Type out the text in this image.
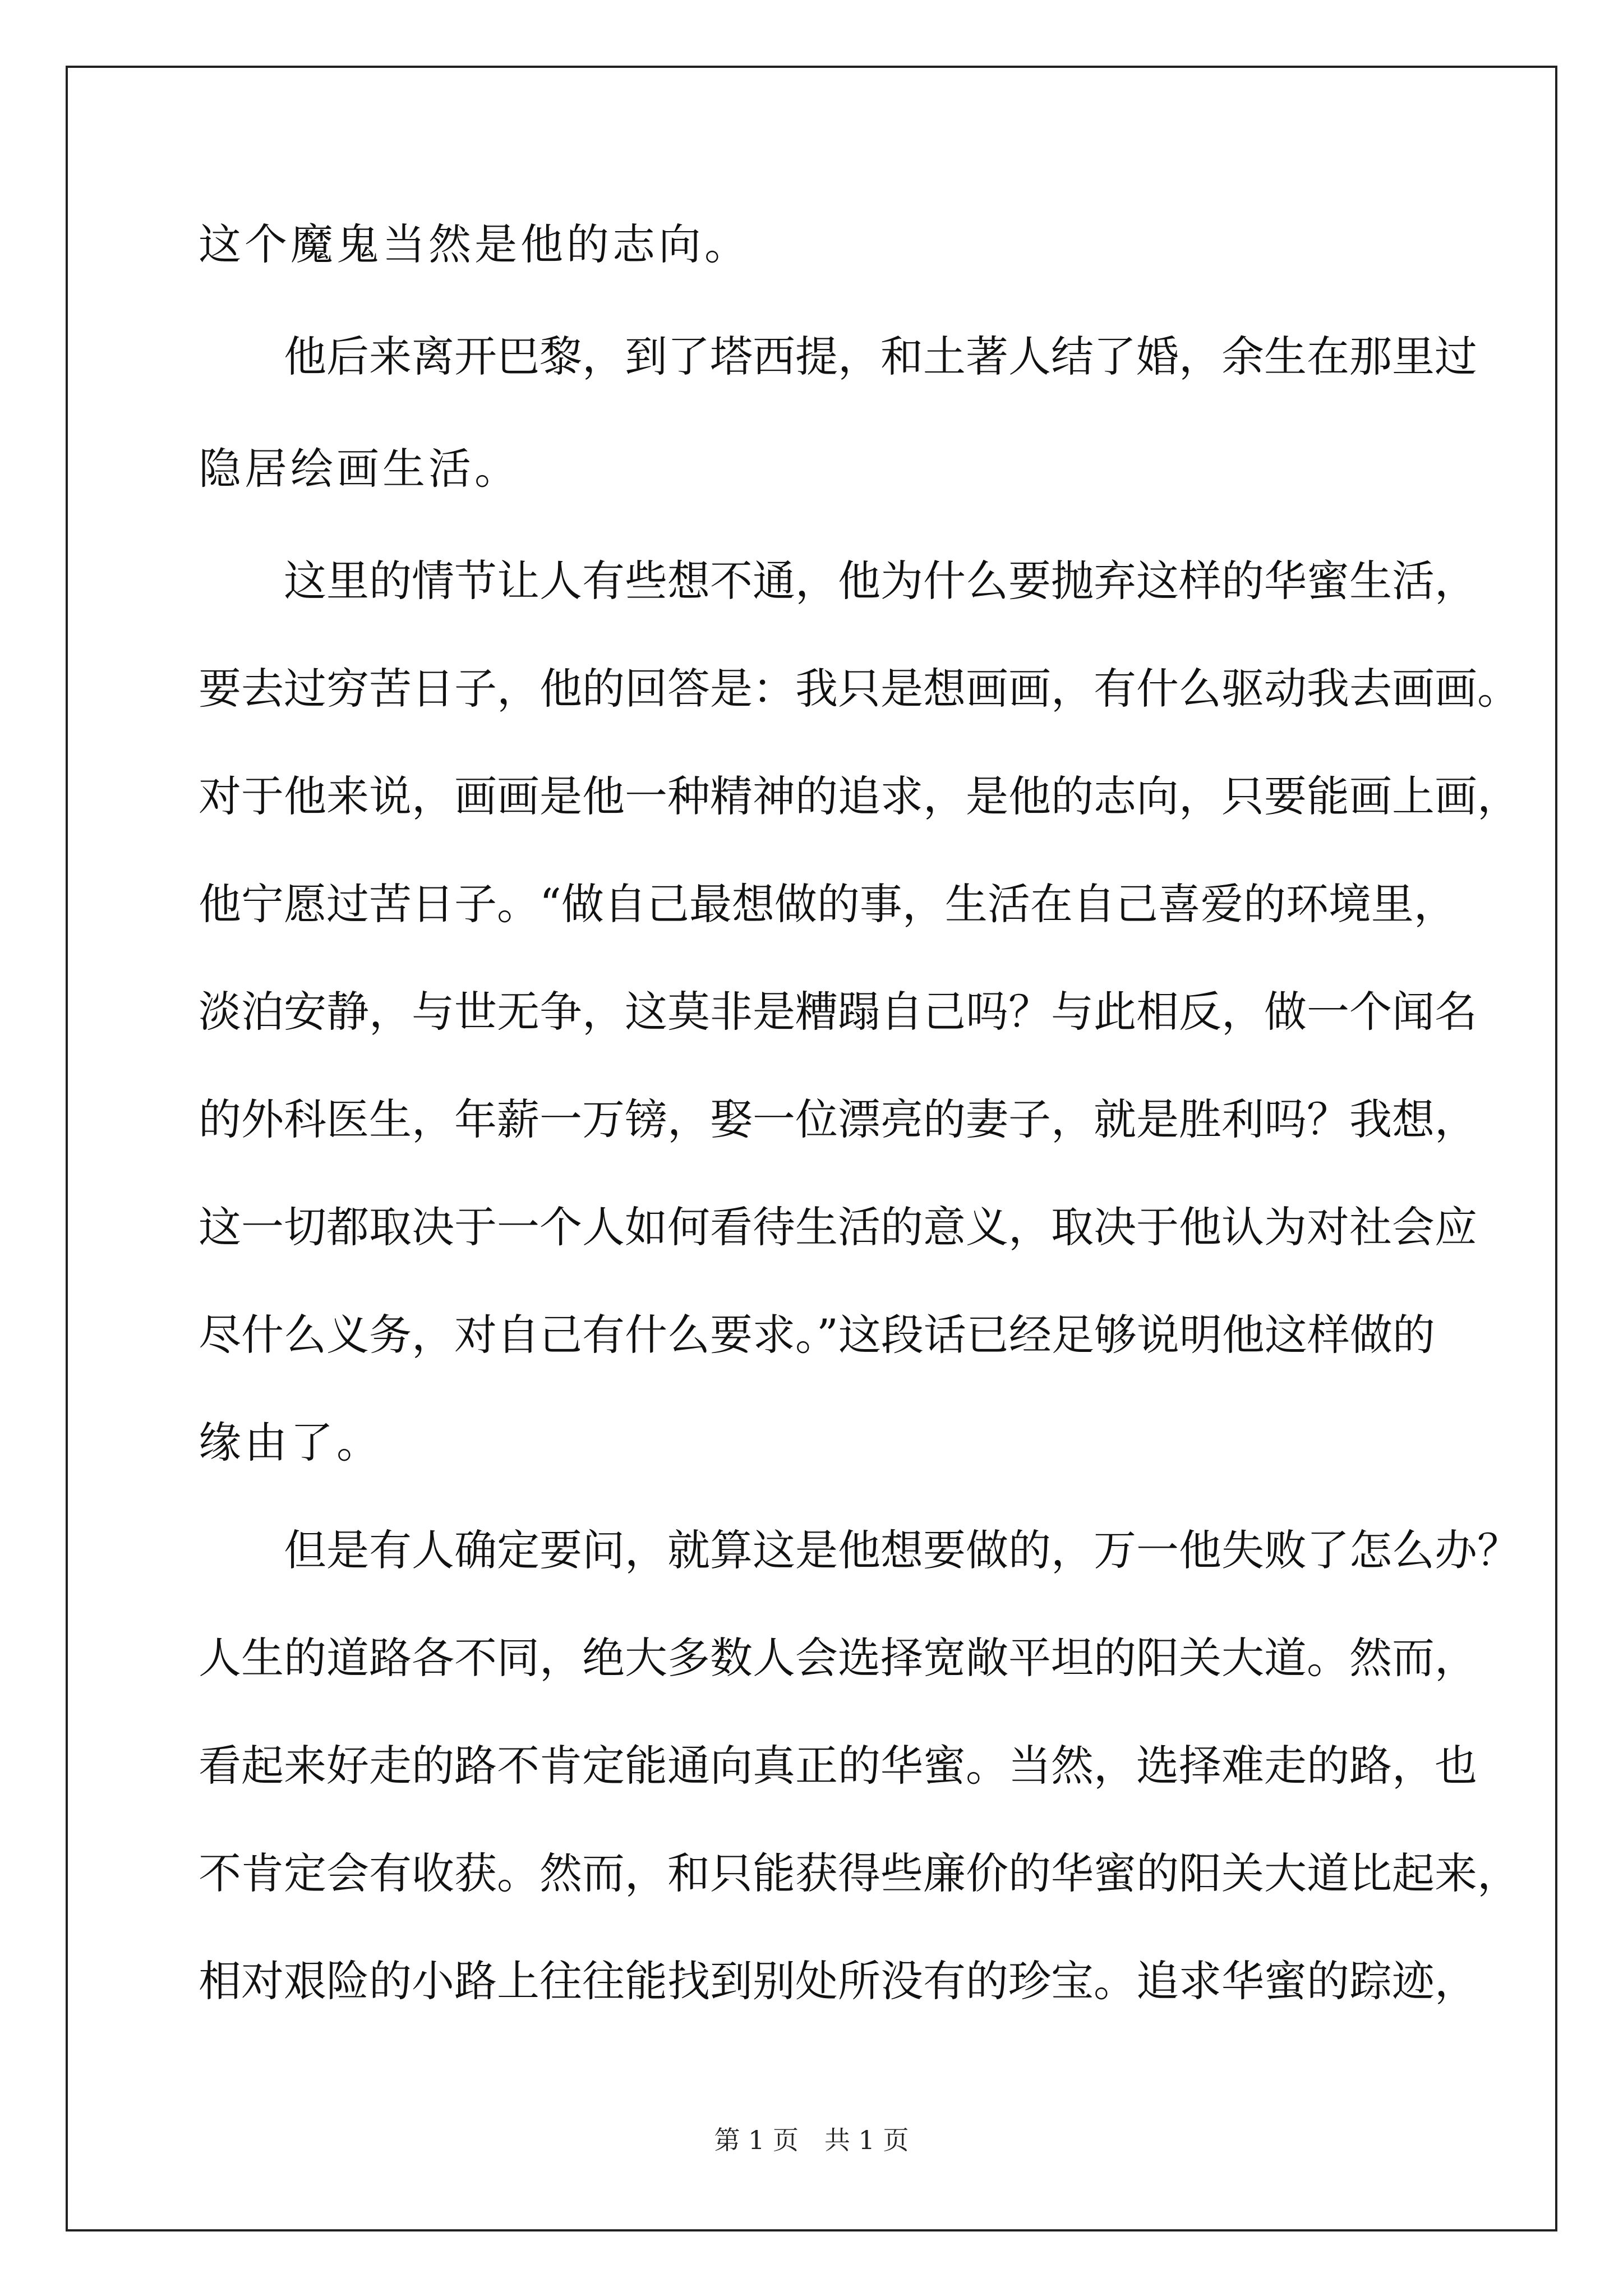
这个魔鬼当然是他的志向。

　　他后来离开巴黎，到了塔西提，和土著人结了婚，余生在那里过

隐居绘画生活。

　　这里的情节让人有些想不通，他为什么要抛弃这样的华蜜生活，

要去过穷苦日子，他的回答是：我只是想画画，有什么驱动我去画画。

对于他来说，画画是他一种精神的追求，是他的志向，只要能画上画，

他宁愿过苦日子。“做自己最想做的事，生活在自己喜爱的环境里，

淡泊安静，与世无争，这莫非是糟蹋自己吗？与此相反，做一个闻名

的外科医生，年薪一万镑，娶一位漂亮的妻子，就是胜利吗？我想，

这一切都取决于一个人如何看待生活的意义，取决于他认为对社会应

尽什么义务，对自己有什么要求。”这段话已经足够说明他这样做的

缘由了。

　　但是有人确定要问，就算这是他想要做的，万一他失败了怎么办？

人生的道路各不同，绝大多数人会选择宽敞平坦的阳关大道。然而，

看起来好走的路不肯定能通向真正的华蜜。当然，选择难走的路，也

不肯定会有收获。然而，和只能获得些廉价的华蜜的阳关大道比起来，

相对艰险的小路上往往能找到别处所没有的珍宝。追求华蜜的踪迹，

第 1 页　共 1 页
